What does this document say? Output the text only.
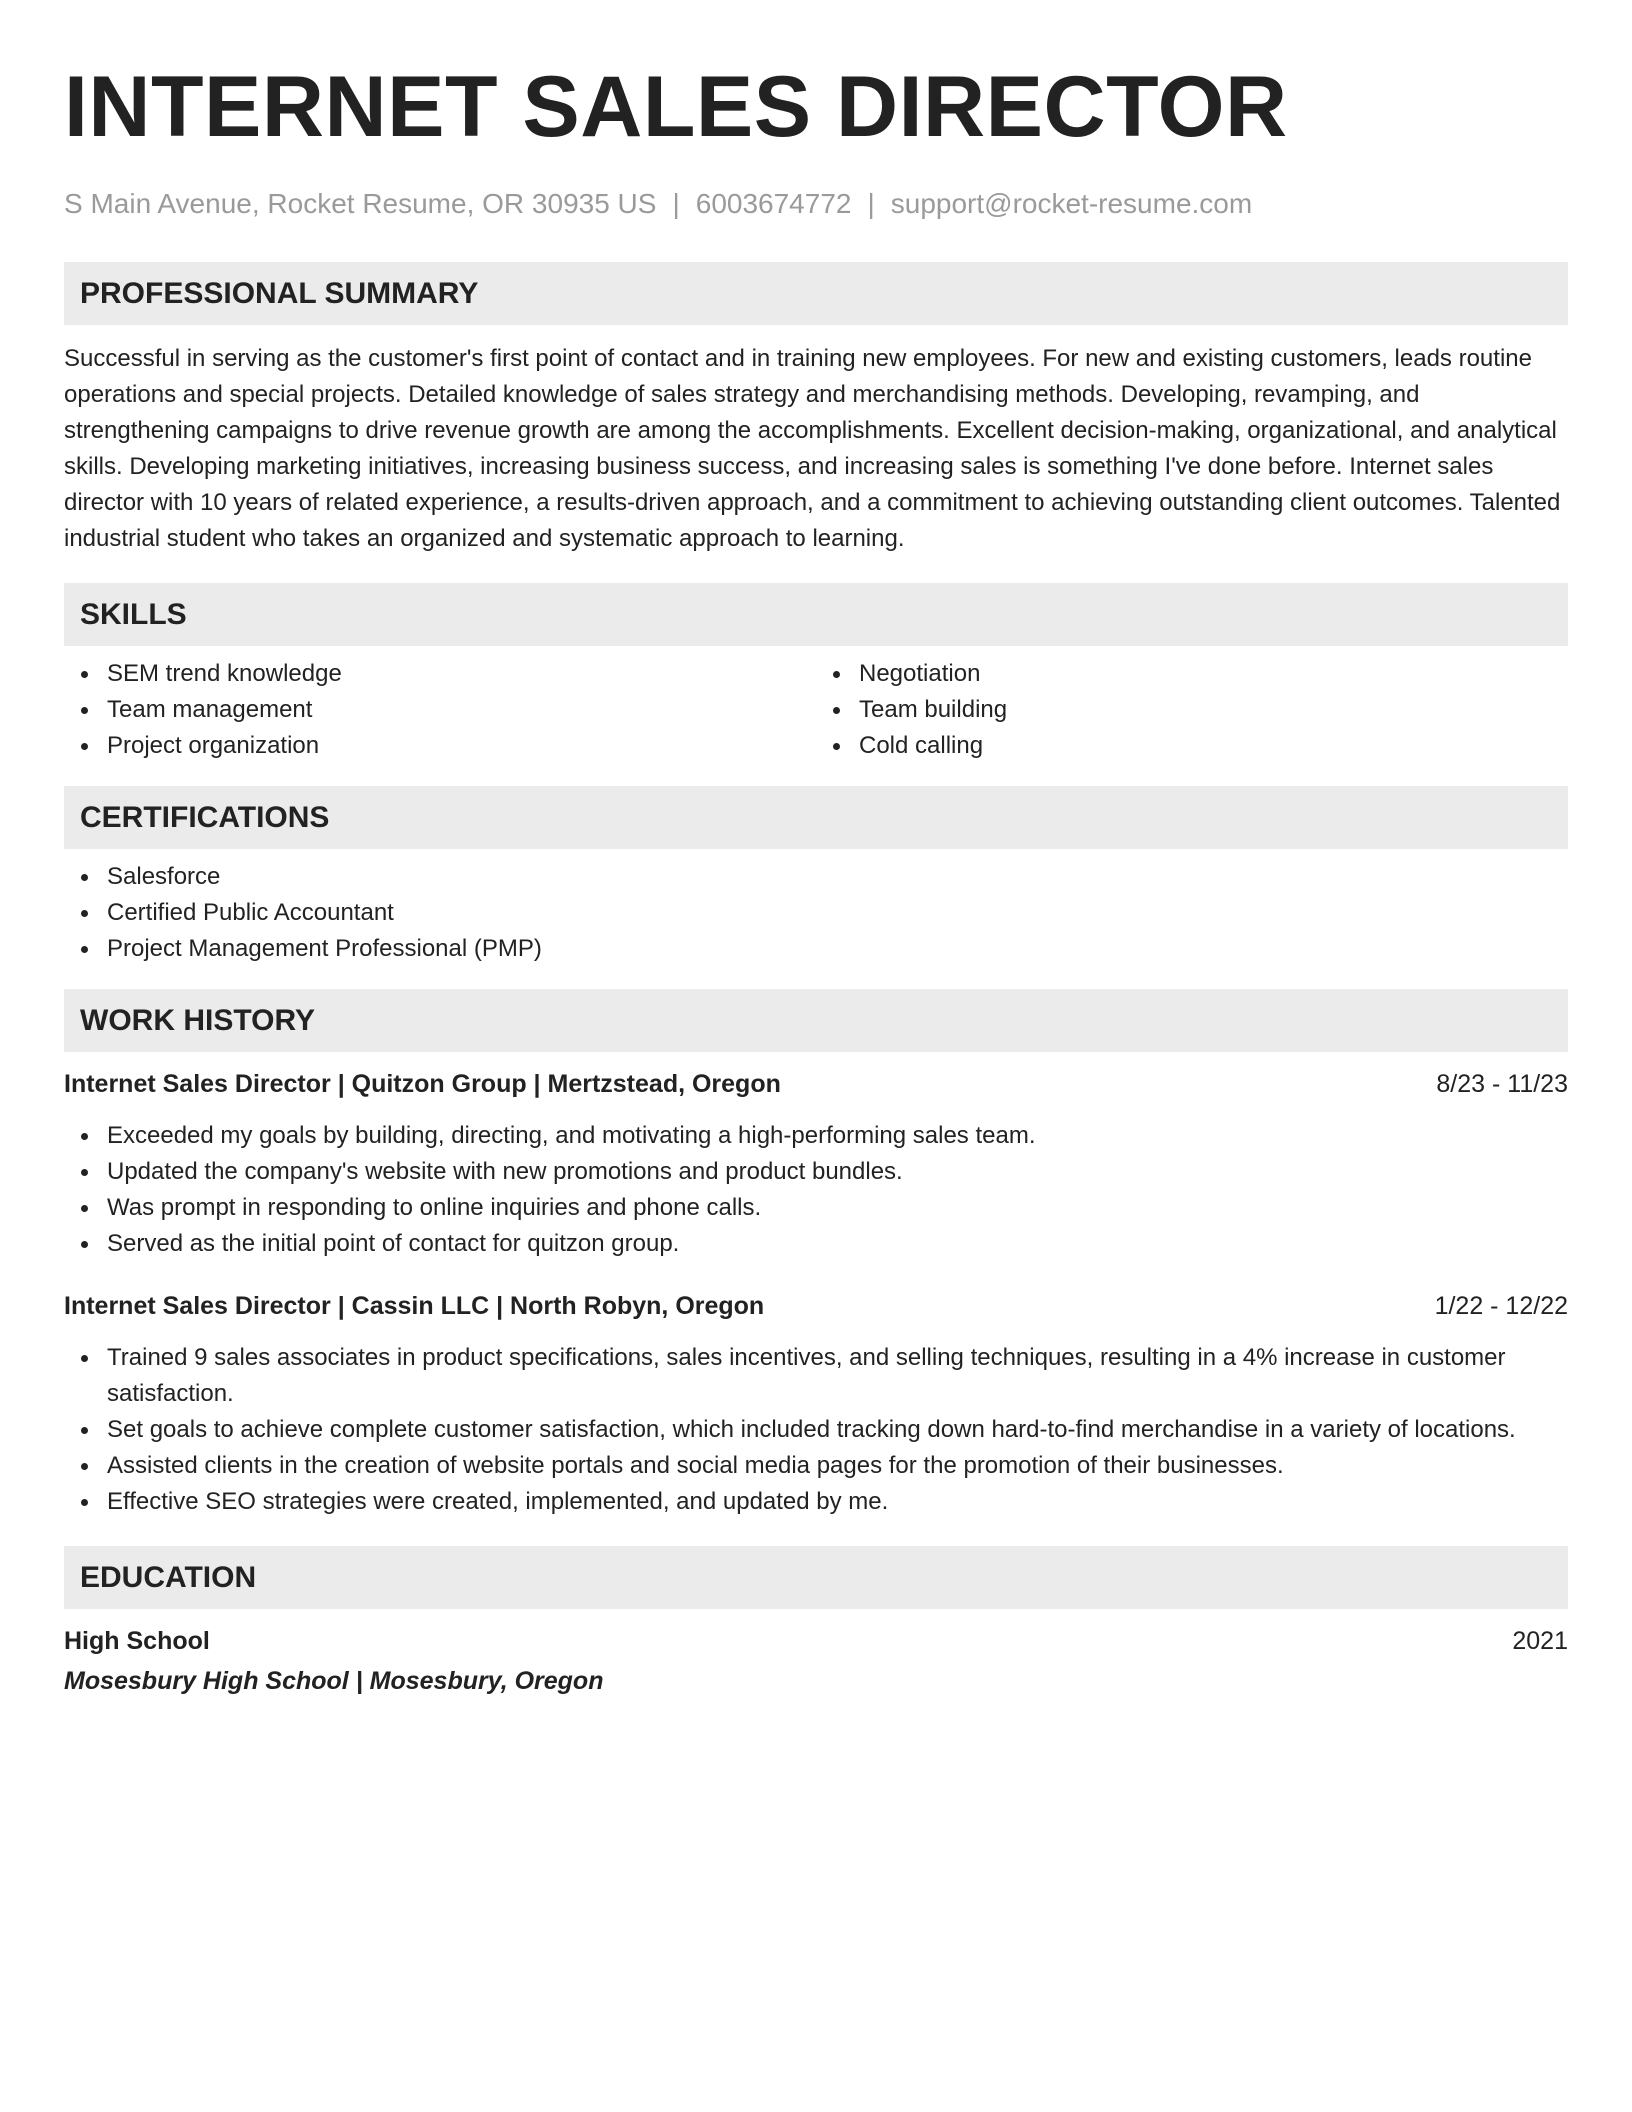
INTERNET SALES DIRECTOR
S Main Avenue, Rocket Resume, OR 30935 US | 6003674772 | support@rocket-resume.com
PROFESSIONAL SUMMARY

Successful in serving as the customer's first point of contact and in training new employees. For new and existing customers, leads routine operations and special projects. Detailed knowledge of sales strategy and merchandising methods. Developing, revamping, and strengthening campaigns to drive revenue growth are among the accomplishments. Excellent decision-making, organizational, and analytical skills. Developing marketing initiatives, increasing business success, and increasing sales is something I've done before. Internet sales director with 10 years of related experience, a results-driven approach, and a commitment to achieving outstanding client outcomes. Talented industrial student who takes an organized and systematic approach to learning.

SKILLS
SEM trend knowledge
Team management
Project organization
Negotiation
Team building
Cold calling
CERTIFICATIONS
Salesforce
Certified Public Accountant
Project Management Professional (PMP)
WORK HISTORY
Internet Sales Director | Quitzon Group | Mertzstead, Oregon	8/23 - 11/23
Exceeded my goals by building, directing, and motivating a high-performing sales team.
Updated the company's website with new promotions and product bundles.
Was prompt in responding to online inquiries and phone calls.
Served as the initial point of contact for quitzon group.
Internet Sales Director | Cassin LLC | North Robyn, Oregon	1/22 - 12/22
Trained 9 sales associates in product specifications, sales incentives, and selling techniques, resulting in a 4% increase in customer satisfaction.
Set goals to achieve complete customer satisfaction, which included tracking down hard-to-find merchandise in a variety of locations.
Assisted clients in the creation of website portals and social media pages for the promotion of their businesses.
Effective SEO strategies were created, implemented, and updated by me.
EDUCATION
High School	2021
Mosesbury High School | Mosesbury, Oregon
